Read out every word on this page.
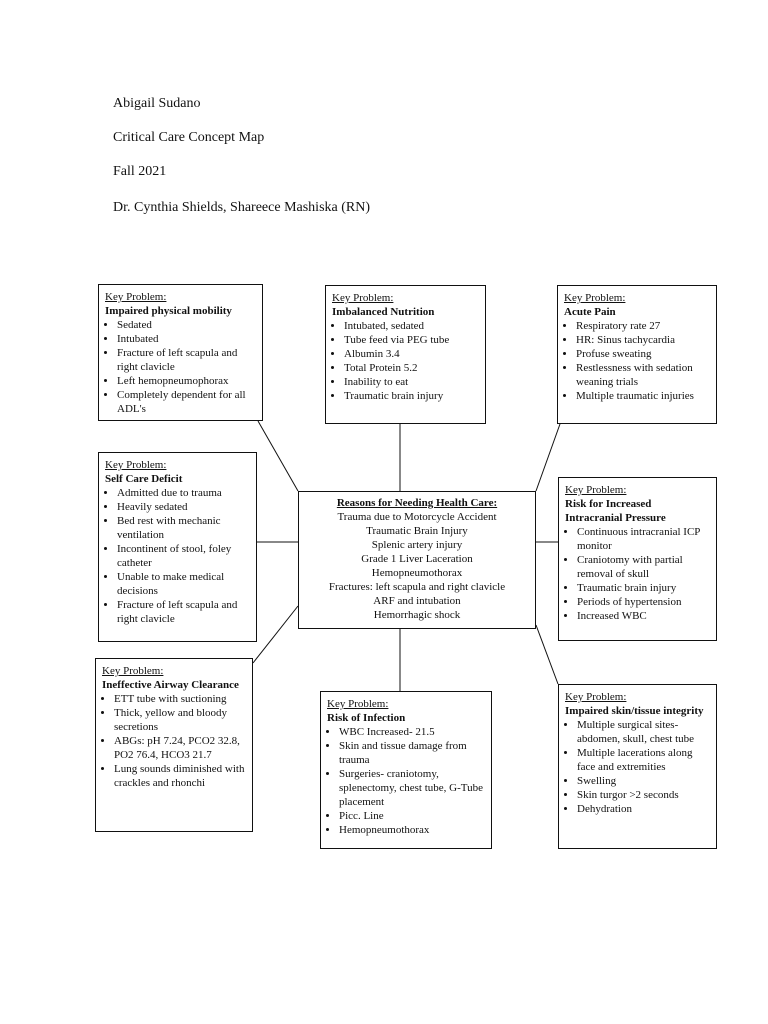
Abigail Sudano
Critical Care Concept Map
Fall 2021
Dr. Cynthia Shields, Shareece Mashiska (RN)
Key Problem:
Impaired physical mobility
• Sedated
• Intubated
• Fracture of left scapula and right clavicle
• Left hemopneumophorax
• Completely dependent for all ADL's
Key Problem:
Imbalanced Nutrition
• Intubated, sedated
• Tube feed via PEG tube
• Albumin 3.4
• Total Protein 5.2
• Inability to eat
• Traumatic brain injury
Key Problem:
Acute Pain
• Respiratory rate 27
• HR: Sinus tachycardia
• Profuse sweating
• Restlessness with sedation weaning trials
• Multiple traumatic injuries
Key Problem:
Self Care Deficit
• Admitted due to trauma
• Heavily sedated
• Bed rest with mechanic ventilation
• Incontinent of stool, foley catheter
• Unable to make medical decisions
• Fracture of left scapula and right clavicle
Reasons for Needing Health Care:
Trauma due to Motorcycle Accident
Traumatic Brain Injury
Splenic artery injury
Grade 1 Liver Laceration
Hemopneumothorax
Fractures: left scapula and right clavicle
ARF and intubation
Hemorrhagic shock
Key Problem:
Risk for Increased Intracranial Pressure
• Continuous intracranial ICP monitor
• Craniotomy with partial removal of skull
• Traumatic brain injury
• Periods of hypertension
• Increased WBC
Key Problem:
Ineffective Airway Clearance
• ETT tube with suctioning
• Thick, yellow and bloody secretions
• ABGs: pH 7.24, PCO2 32.8, PO2 76.4, HCO3 21.7
• Lung sounds diminished with crackles and rhonchi
Key Problem:
Risk of Infection
• WBC Increased- 21.5
• Skin and tissue damage from trauma
• Surgeries- craniotomy, splenectomy, chest tube, G-Tube placement
• Picc. Line
• Hemopneumothorax
Key Problem:
Impaired skin/tissue integrity
• Multiple surgical sites- abdomen, skull, chest tube
• Multiple lacerations along face and extremities
• Swelling
• Skin turgor >2 seconds
• Dehydration
